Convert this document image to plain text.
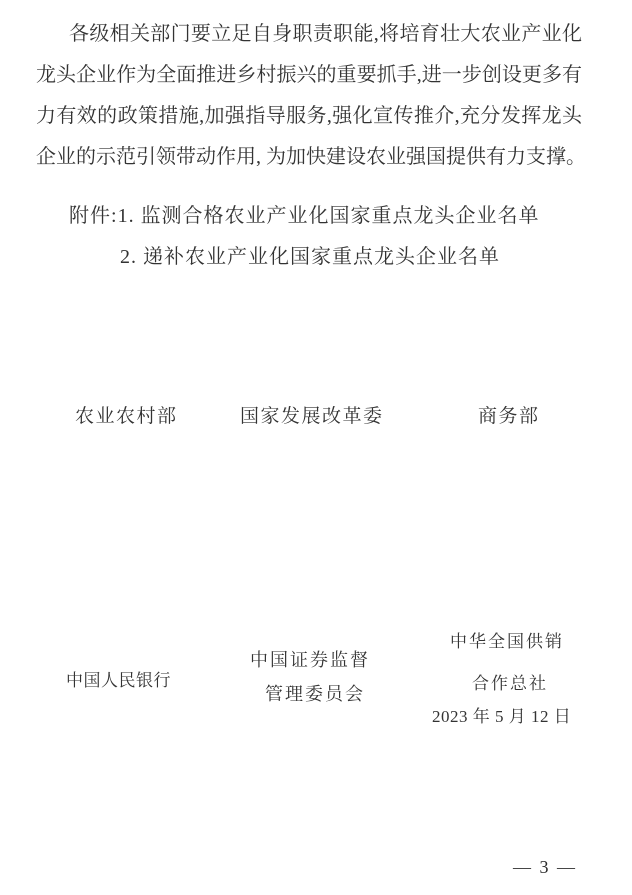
各级相关部门要立足自身职责职能,将培育壮大农业产业化
龙头企业作为全面推进乡村振兴的重要抓手,进一步创设更多有
力有效的政策措施,加强指导服务,强化宣传推介,充分发挥龙头
企业的示范引领带动作用, 为加快建设农业强国提供有力支撑。
附件:1. 监测合格农业产业化国家重点龙头企业名单
2. 递补农业产业化国家重点龙头企业名单
农业农村部	国家发展改革委	商务部
中国人民银行
中国证券监督
管理委员会
中华全国供销
合作总社
2023 年 5 月 12 日
— 3 —
